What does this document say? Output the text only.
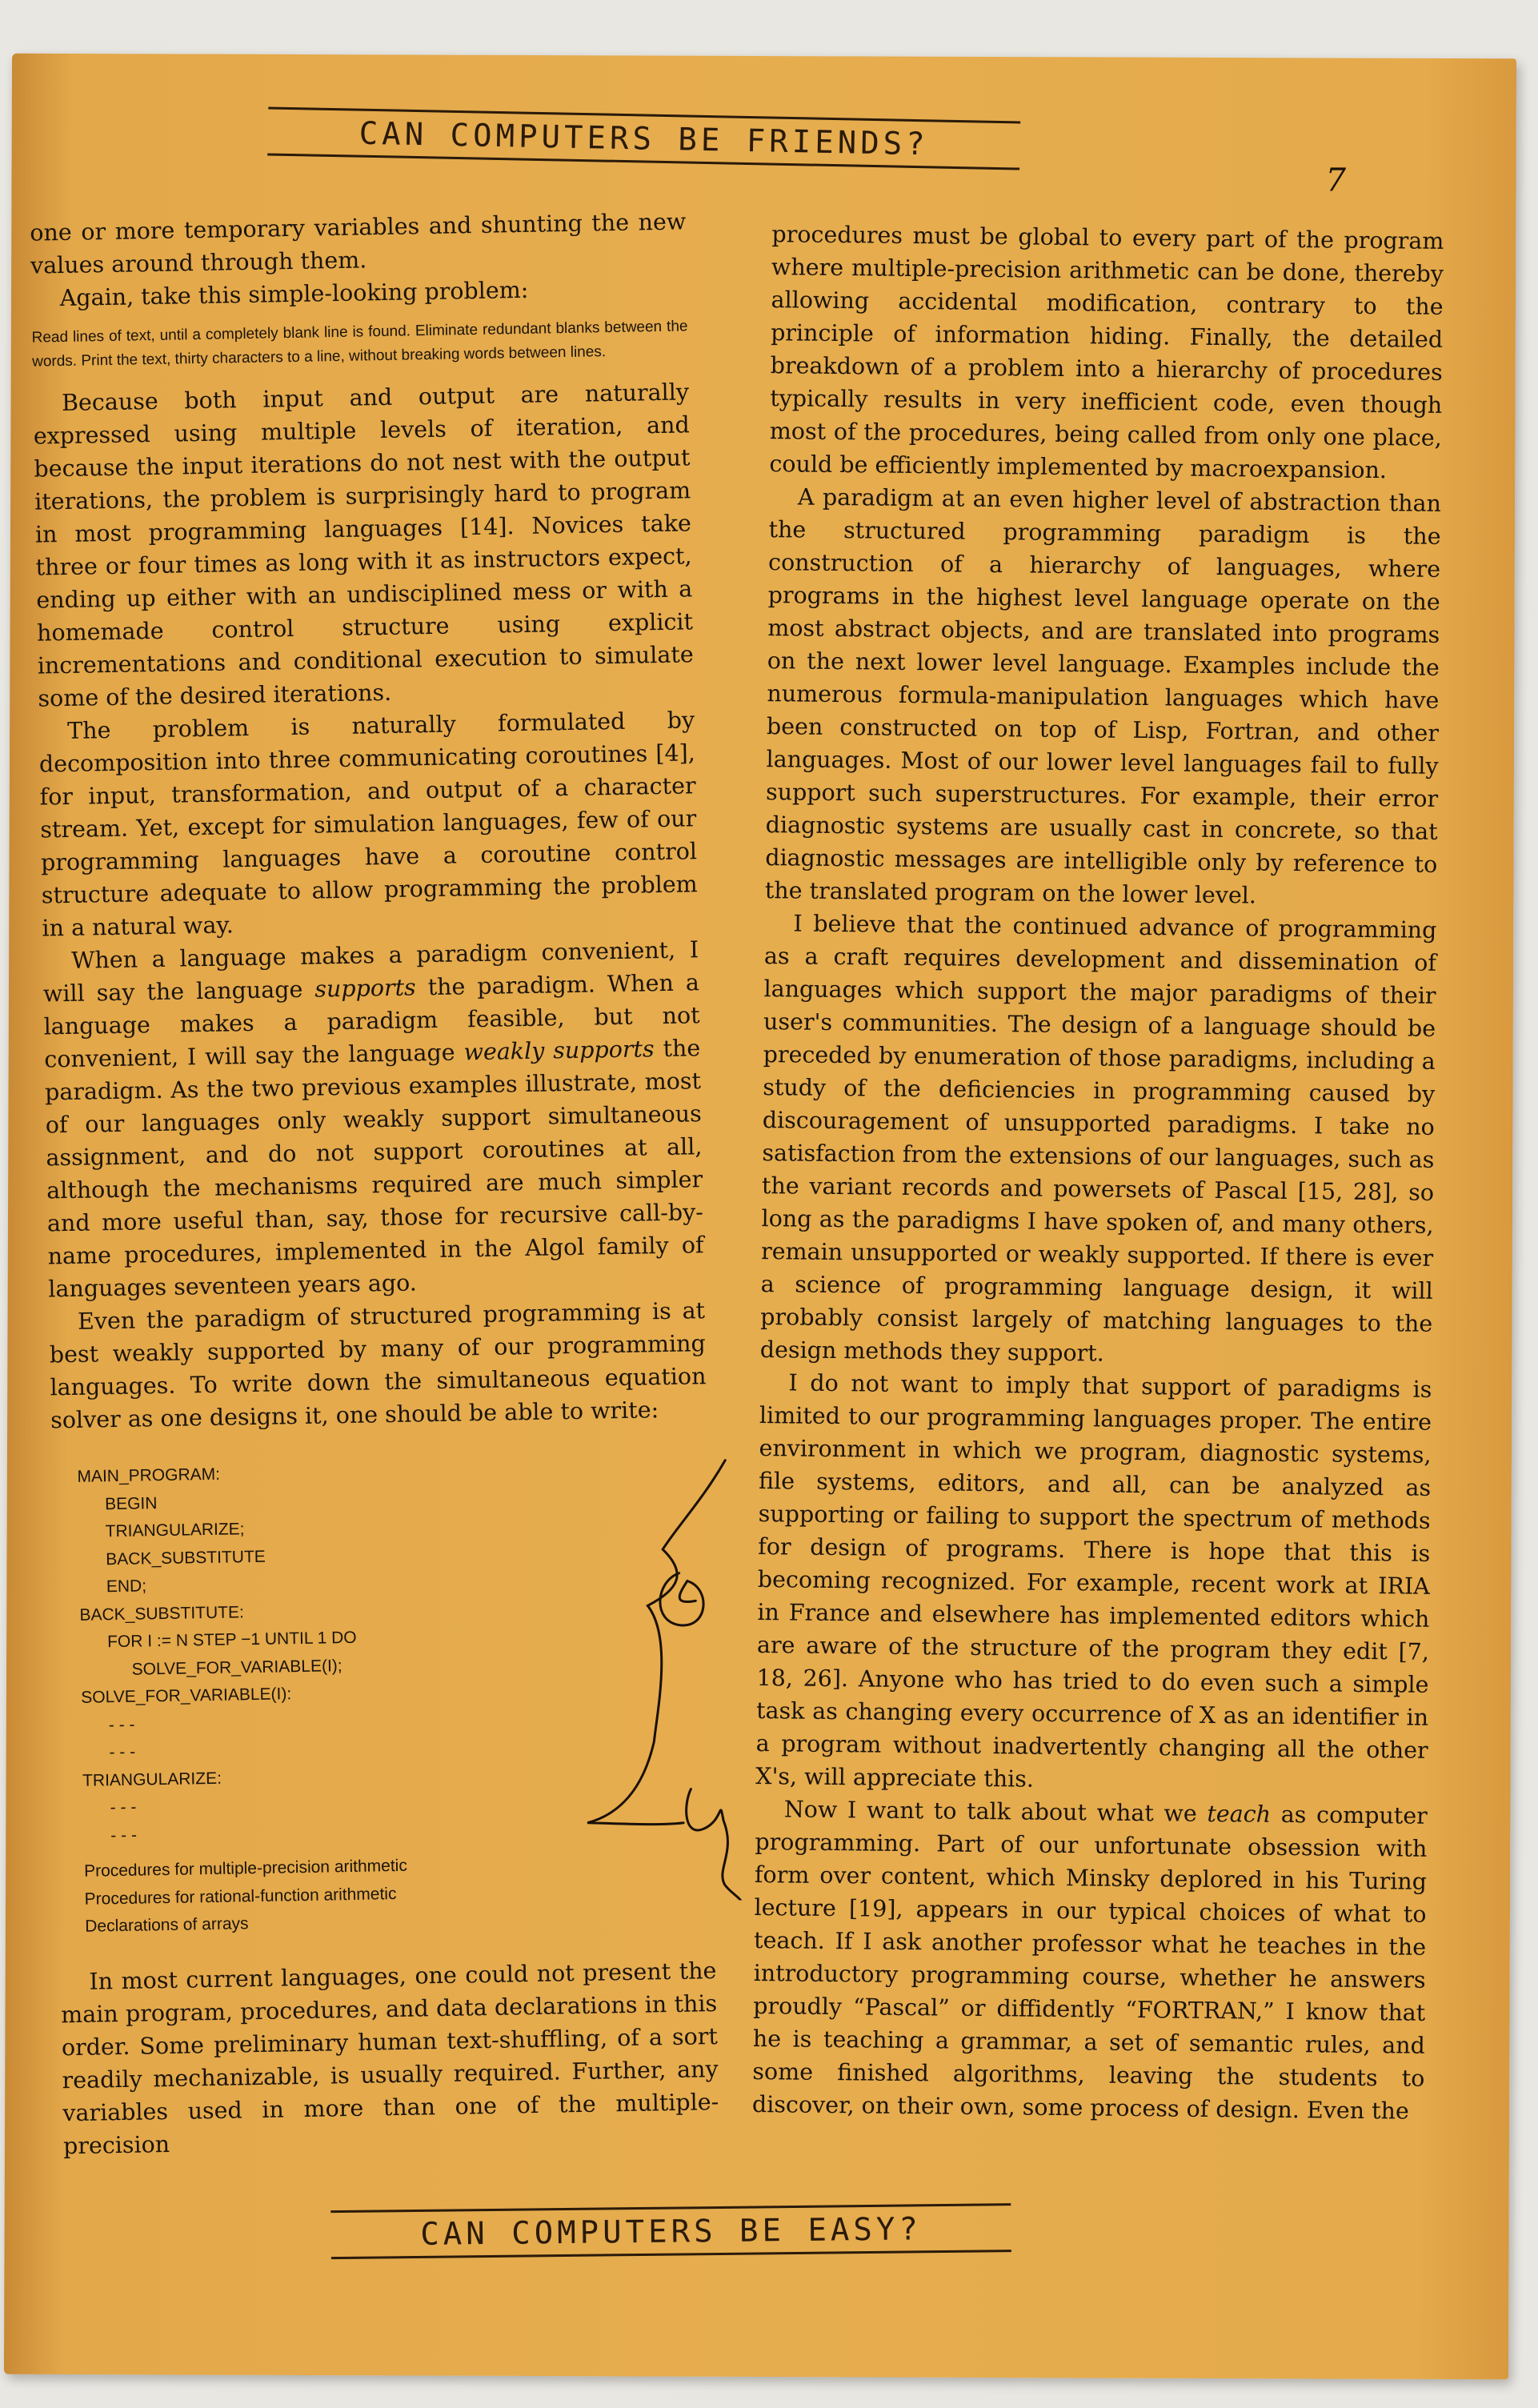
CAN COMPUTERS BE FRIENDS?
7

one or more temporary variables and shunting the new values around through them.

Again, take this simple-looking problem:

Read lines of text, until a completely blank line is found. Eliminate redundant blanks between the words. Print the text, thirty characters to a line, without breaking words between lines.

Because both input and output are naturally expressed using multiple levels of iteration, and because the input iterations do not nest with the output iterations, the problem is surprisingly hard to program in most programming languages [14]. Novices take three or four times as long with it as instructors expect, ending up either with an undisciplined mess or with a homemade control structure using explicit incrementations and conditional execution to simulate some of the desired iterations.

The problem is naturally formulated by decomposition into three communicating coroutines [4], for input, transformation, and output of a character stream. Yet, except for simulation languages, few of our programming languages have a coroutine control structure adequate to allow programming the problem in a natural way.

When a language makes a paradigm convenient, I will say the language supports the paradigm. When a language makes a paradigm feasible, but not convenient, I will say the language weakly supports the paradigm. As the two previous examples illustrate, most of our languages only weakly support simultaneous assignment, and do not support coroutines at all, although the mechanisms required are much simpler and more useful than, say, those for recursive call-by-name procedures, implemented in the Algol family of languages seventeen years ago.

Even the paradigm of structured programming is at best weakly supported by many of our programming languages. To write down the simultaneous equation solver as one designs it, one should be able to write:

MAIN_PROGRAM:
BEGIN
TRIANGULARIZE;
BACK_SUBSTITUTE
END;
BACK_SUBSTITUTE:
FOR I := N STEP −1 UNTIL 1 DO
SOLVE_FOR_VARIABLE(I);
SOLVE_FOR_VARIABLE(I):
- - -
- - -
TRIANGULARIZE:
- - -
- - -
Procedures for multiple-precision arithmetic
Procedures for rational-function arithmetic
Declarations of arrays

In most current languages, one could not present the main program, procedures, and data declarations in this order. Some preliminary human text-shuffling, of a sort readily mechanizable, is usually required. Further, any variables used in more than one of the multiple-precision

procedures must be global to every part of the program where multiple-precision arithmetic can be done, thereby allowing accidental modification, contrary to the principle of information hiding. Finally, the detailed breakdown of a problem into a hierarchy of procedures typically results in very inefficient code, even though most of the procedures, being called from only one place, could be efficiently implemented by macroexpansion.

A paradigm at an even higher level of abstraction than the structured programming paradigm is the construction of a hierarchy of languages, where programs in the highest level language operate on the most abstract objects, and are translated into programs on the next lower level language. Examples include the numerous formula-manipulation languages which have been constructed on top of Lisp, Fortran, and other languages. Most of our lower level languages fail to fully support such superstructures. For example, their error diagnostic systems are usually cast in concrete, so that diagnostic messages are intelligible only by reference to the translated program on the lower level.

I believe that the continued advance of programming as a craft requires development and dissemination of languages which support the major paradigms of their user's communities. The design of a language should be preceded by enumeration of those paradigms, including a study of the deficiencies in programming caused by discouragement of unsupported paradigms. I take no satisfaction from the extensions of our languages, such as the variant records and powersets of Pascal [15, 28], so long as the paradigms I have spoken of, and many others, remain unsupported or weakly supported. If there is ever a science of programming language design, it will probably consist largely of matching languages to the design methods they support.

I do not want to imply that support of paradigms is limited to our programming languages proper. The entire environment in which we program, diagnostic systems, file systems, editors, and all, can be analyzed as supporting or failing to support the spectrum of methods for design of programs. There is hope that this is becoming recognized. For example, recent work at IRIA in France and elsewhere has implemented editors which are aware of the structure of the program they edit [7, 18, 26]. Anyone who has tried to do even such a simple task as changing every occurrence of X as an identifier in a program without inadvertently changing all the other X's, will appreciate this.

Now I want to talk about what we teach as computer programming. Part of our unfortunate obsession with form over content, which Minsky deplored in his Turing lecture [19], appears in our typical choices of what to teach. If I ask another professor what he teaches in the introductory programming course, whether he answers proudly “Pascal” or diffidently “FORTRAN,” I know that he is teaching a grammar, a set of semantic rules, and some finished algorithms, leaving the students to discover, on their own, some process of design. Even the

CAN COMPUTERS BE EASY?
